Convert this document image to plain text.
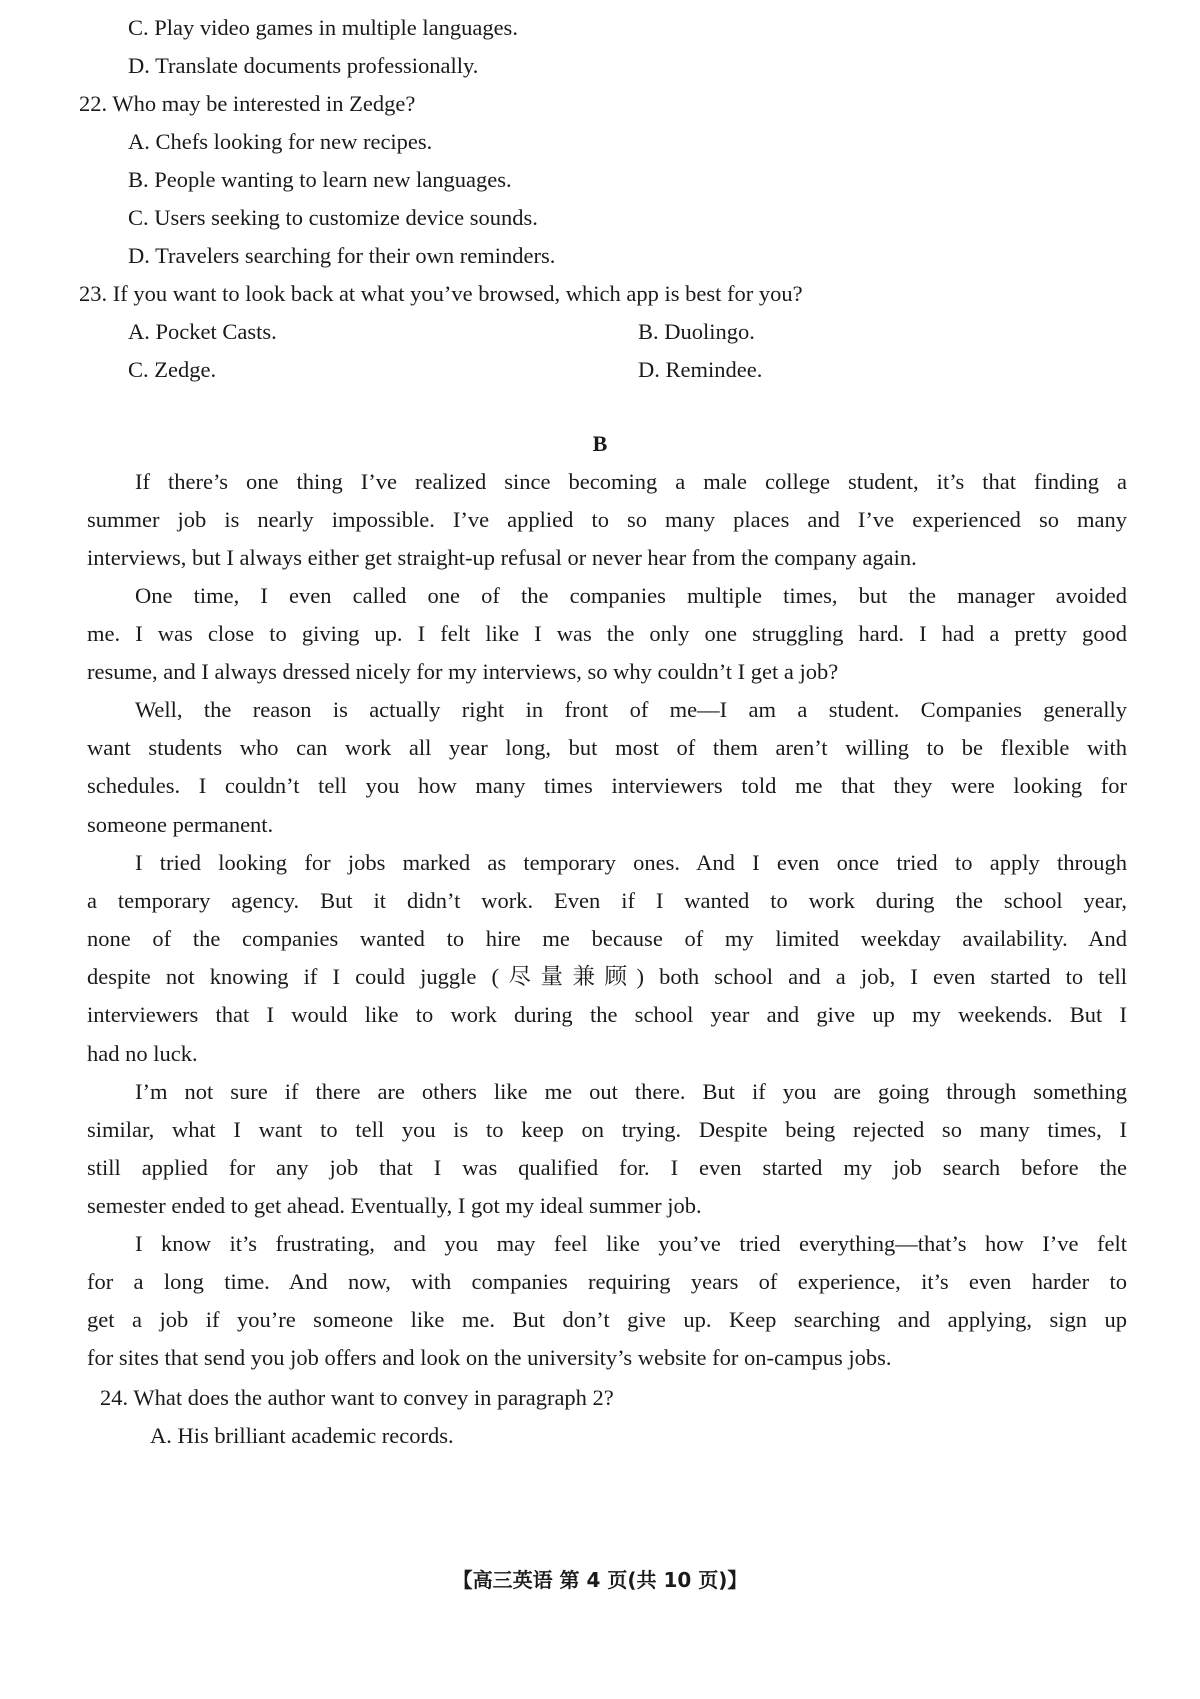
C. Play video games in multiple languages.
D. Translate documents professionally.
22. Who may be interested in Zedge?
A. Chefs looking for new recipes.
B. People wanting to learn new languages.
C. Users seeking to customize device sounds.
D. Travelers searching for their own reminders.
23. If you want to look back at what you’ve browsed, which app is best for you?
A. Pocket Casts.	B. Duolingo.
C. Zedge.	D. Remindee.
B
If there’s one thing I’ve realized since becoming a male college student, it’s that finding a
summer job is nearly impossible. I’ve applied to so many places and I’ve experienced so many
interviews, but I always either get straight-up refusal or never hear from the company again.
One time, I even called one of the companies multiple times, but the manager avoided
me. I was close to giving up. I felt like I was the only one struggling hard. I had a pretty good
resume, and I always dressed nicely for my interviews, so why couldn’t I get a job?
Well, the reason is actually right in front of me—I am a student. Companies generally
want students who can work all year long, but most of them aren’t willing to be flexible with
schedules. I couldn’t tell you how many times interviewers told me that they were looking for
someone permanent.
I tried looking for jobs marked as temporary ones. And I even once tried to apply through
a temporary agency. But it didn’t work. Even if I wanted to work during the school year,
none of the companies wanted to hire me because of my limited weekday availability. And
despite not knowing if I could juggle (尽量兼顾) both school and a job, I even started to tell
interviewers that I would like to work during the school year and give up my weekends. But I
had no luck.
I’m not sure if there are others like me out there. But if you are going through something
similar, what I want to tell you is to keep on trying. Despite being rejected so many times, I
still applied for any job that I was qualified for. I even started my job search before the
semester ended to get ahead. Eventually, I got my ideal summer job.
I know it’s frustrating, and you may feel like you’ve tried everything—that’s how I’ve felt
for a long time. And now, with companies requiring years of experience, it’s even harder to
get a job if you’re someone like me. But don’t give up. Keep searching and applying, sign up
for sites that send you job offers and look on the university’s website for on-campus jobs.
24. What does the author want to convey in paragraph 2?
A. His brilliant academic records.
【高三英语 第 4 页(共 10 页)】
